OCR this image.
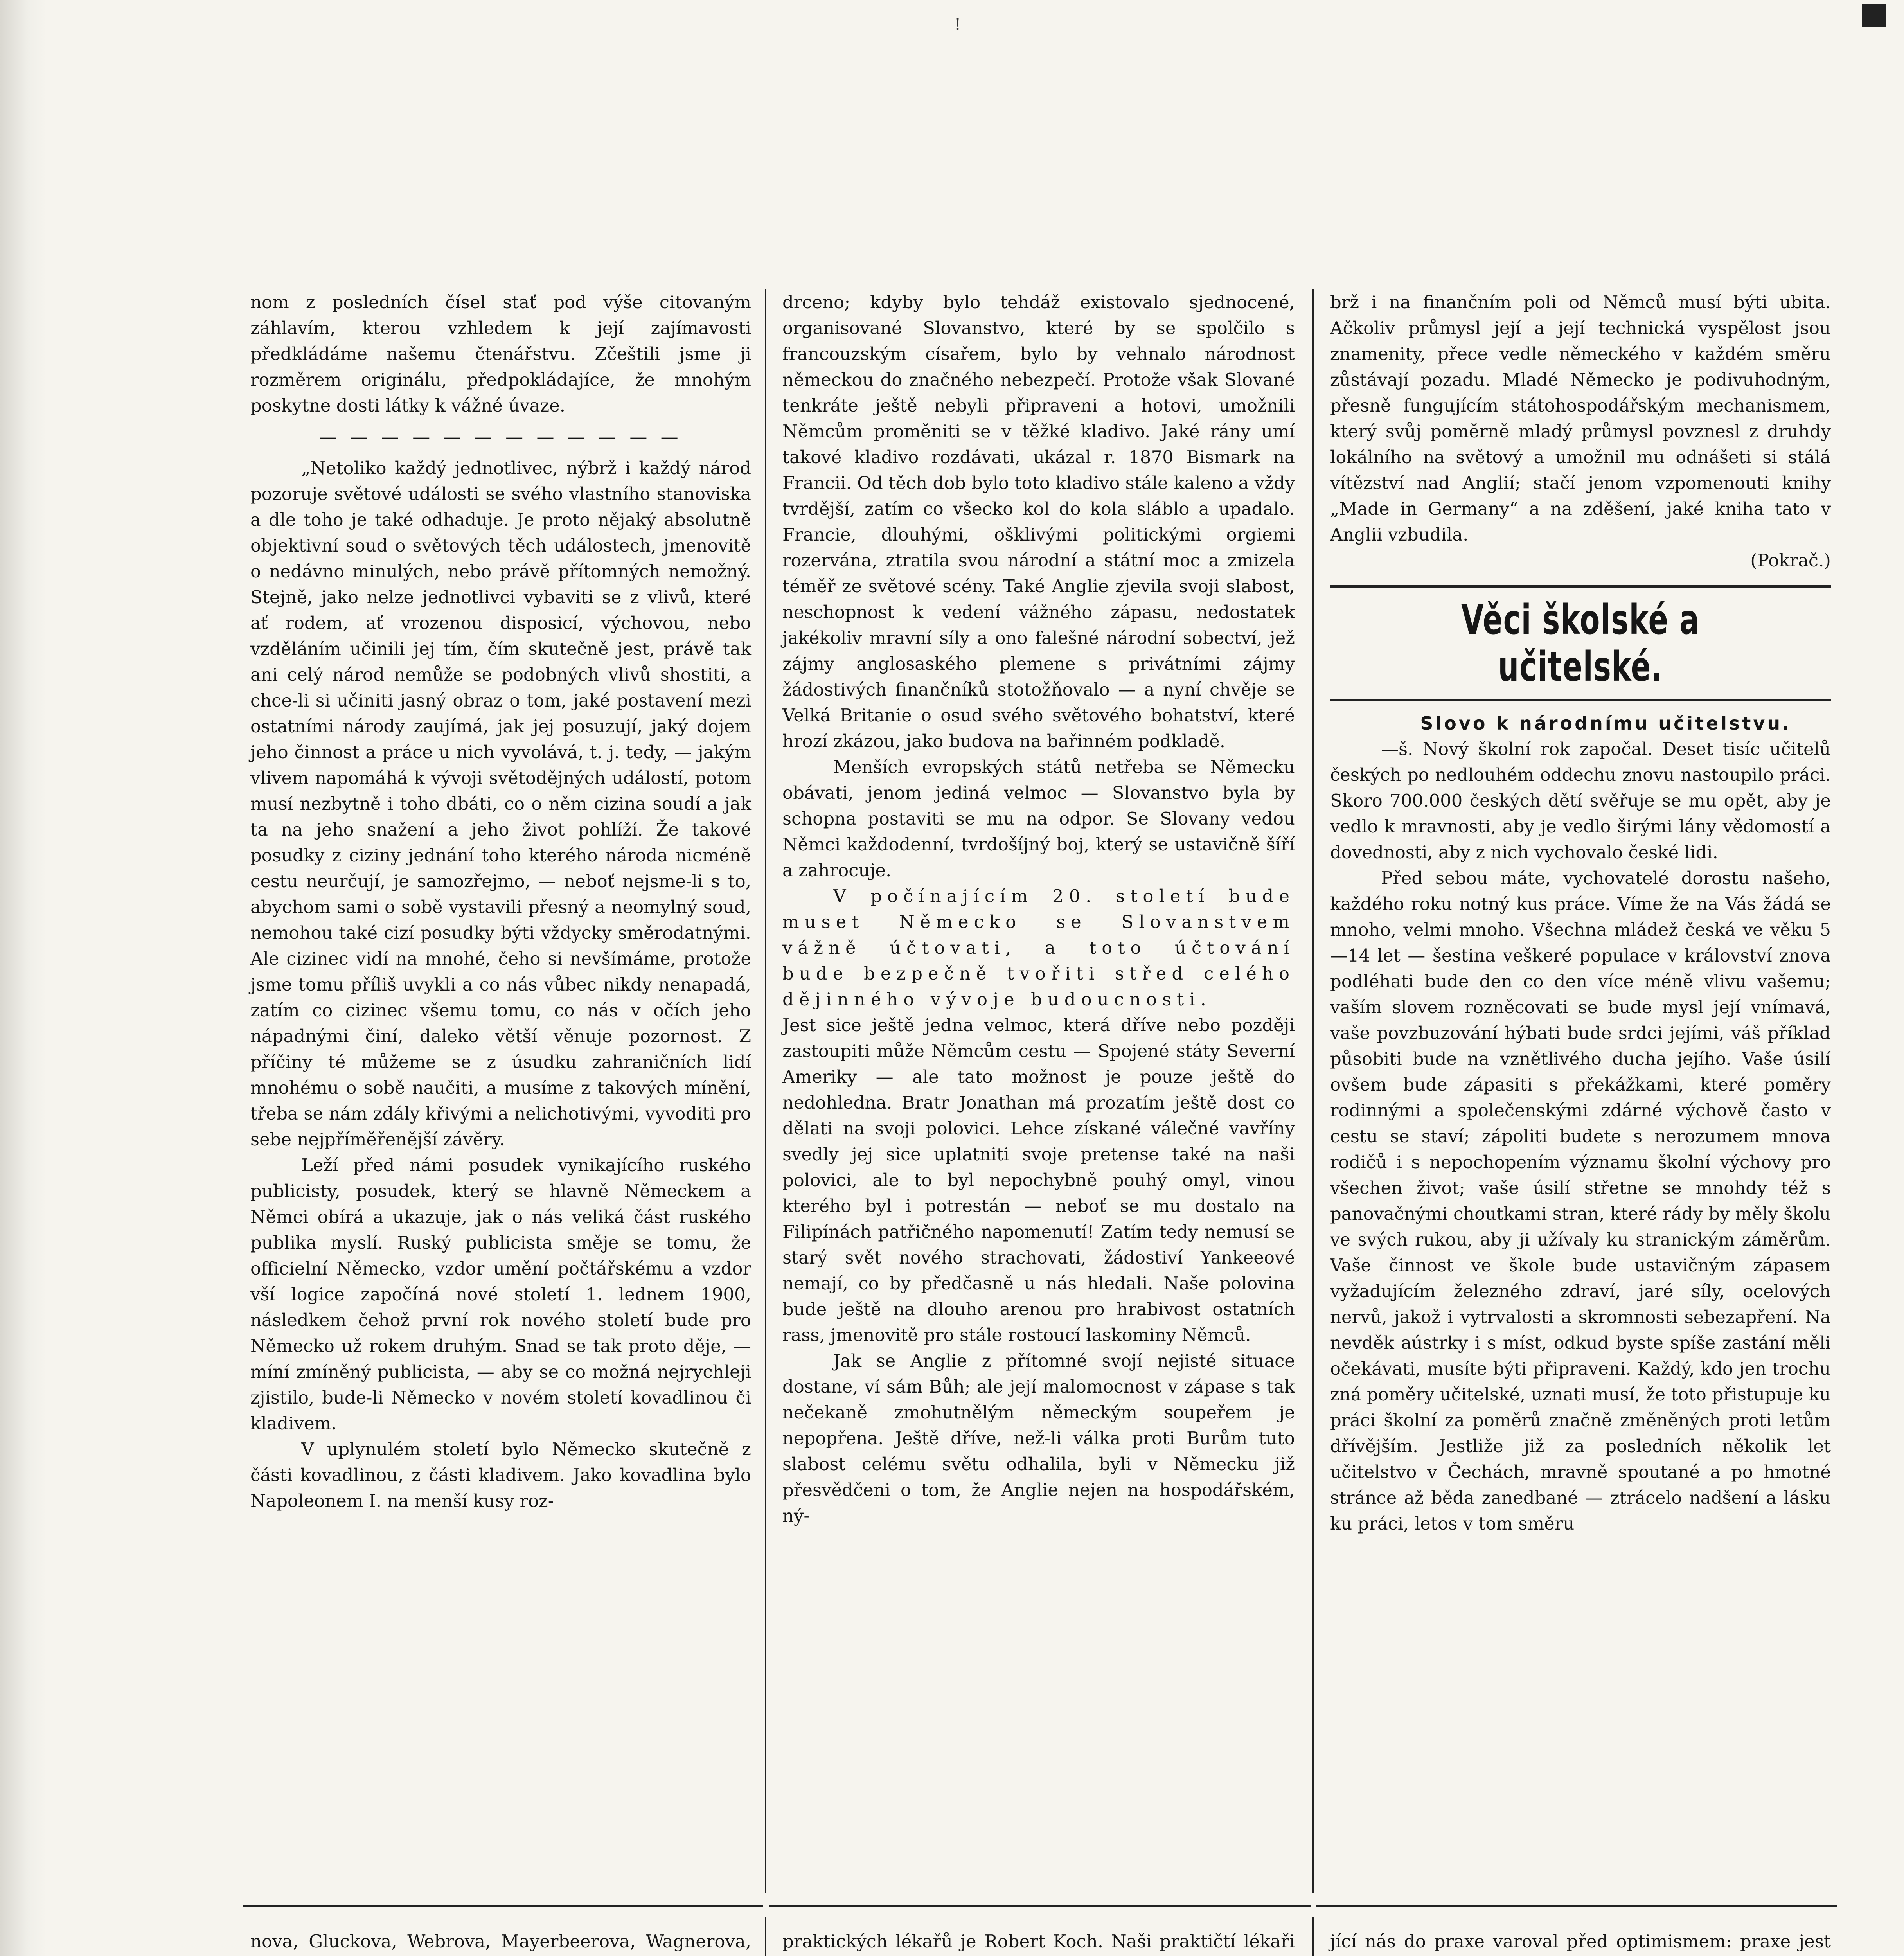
!

nom z posledních čísel stať pod výše citovaným záhlavím, kterou vzhledem k její zajímavosti předkládáme našemu čtenářstvu. Zčeštili jsme ji rozměrem originálu, předpokládajíce, že mnohým poskytne dosti látky k vážné úvaze.

— — — — — — — — — — — —

„Netoliko každý jednotlivec, nýbrž i každý národ pozoruje světové události se svého vlastního stanoviska a dle toho je také odhaduje. Je proto nějaký absolutně objektivní soud o světových těch událostech, jmenovitě o nedávno minulých, nebo právě přítomných nemožný. Stejně, jako nelze jednotlivci vybaviti se z vlivů, které ať rodem, ať vrozenou disposicí, výchovou, nebo vzděláním učinili jej tím, čím skutečně jest, právě tak ani celý národ nemůže se podobných vlivů shostiti, a chce-li si učiniti jasný obraz o tom, jaké postavení mezi ostatními národy zaujímá, jak jej posuzují, jaký dojem jeho činnost a práce u nich vyvolává, t. j. tedy, — jakým vlivem napomáhá k vývoji světodějných událostí, potom musí nezbytně i toho dbáti, co o něm cizina soudí a jak ta na jeho snažení a jeho život pohlíží. Že takové posudky z ciziny jednání toho kterého národa nicméně cestu neurčují, je samozřejmo, — neboť nejsme-li s to, abychom sami o sobě vystavili přesný a neomylný soud, nemohou také cizí posudky býti vždycky směrodatnými. Ale cizinec vidí na mnohé, čeho si nevšímáme, protože jsme tomu příliš uvykli a co nás vůbec nikdy nenapadá, zatím co cizinec všemu tomu, co nás v očích jeho nápadnými činí, daleko větší věnuje pozornost. Z příčiny té můžeme se z úsudku zahraničních lidí mnohému o sobě naučiti, a musíme z takových mínění, třeba se nám zdály křivými a nelichotivými, vyvoditi pro sebe nejpříměřenější závěry.

Leží před námi posudek vynikajícího ruského publicisty, posudek, který se hlavně Německem a Němci obírá a ukazuje, jak o nás veliká část ruského publika myslí. Ruský publicista směje se tomu, že officielní Německo, vzdor umění počtářskému a vzdor vší logice započíná nové století 1. lednem 1900, následkem čehož první rok nového století bude pro Německo už rokem druhým. Snad se tak proto děje, — míní zmíněný publicista, — aby se co možná nejrychleji zjistilo, bude-li Německo v novém století kovadlinou či kladivem.

V uplynulém století bylo Německo skutečně z části kovadlinou, z části kladivem. Jako kovadlina bylo Napoleonem I. na menší kusy roz-

drceno; kdyby bylo tehdáž existovalo sjednocené, organisované Slovanstvo, které by se spolčilo s francouzským císařem, bylo by vehnalo národnost německou do značného nebezpečí. Protože však Slované tenkráte ještě nebyli připraveni a hotovi, umožnili Němcům proměniti se v těžké kladivo. Jaké rány umí takové kladivo rozdávati, ukázal r. 1870 Bismark na Francii. Od těch dob bylo toto kladivo stále kaleno a vždy tvrdější, zatím co všecko kol do kola sláblo a upadalo. Francie, dlouhými, ošklivými politickými orgiemi rozervána, ztratila svou národní a státní moc a zmizela téměř ze světové scény. Také Anglie zjevila svoji slabost, neschopnost k vedení vážného zápasu, nedostatek jakékoliv mravní síly a ono falešné národní sobectví, jež zájmy anglosaského plemene s privátními zájmy žádostivých finančníků stotožňovalo — a nyní chvěje se Velká Britanie o osud svého světového bohatství, které hrozí zkázou, jako budova na bařinném podkladě.

Menších evropských států netřeba se Německu obávati, jenom jediná velmoc — Slovanstvo byla by schopna postaviti se mu na odpor. Se Slovany vedou Němci každodenní, tvrdošíjný boj, který se ustavičně šíří a zahrocuje.

V počínajícím 20. století bude muset Německo se Slovanstvem vážně účtovati, a toto účtování bude bezpečně tvořiti střed celého dějinného vývoje budoucnosti.

Jest sice ještě jedna velmoc, která dříve nebo později zastoupiti může Němcům cestu — Spojené státy Severní Ameriky — ale tato možnost je pouze ještě do nedohledna. Bratr Jonathan má prozatím ještě dost co dělati na svoji polovici. Lehce získané válečné vavříny svedly jej sice uplatniti svoje pretense také na naši polovici, ale to byl nepochybně pouhý omyl, vinou kterého byl i potrestán — neboť se mu dostalo na Filipínách patřičného napomenutí! Zatím tedy nemusí se starý svět nového strachovati, žádostiví Yankeeové nemají, co by předčasně u nás hledali. Naše polovina bude ještě na dlouho arenou pro hrabivost ostatních rass, jmenovitě pro stále rostoucí laskominy Němců.

Jak se Anglie z přítomné svojí nejisté situace dostane, ví sám Bůh; ale její malomocnost v zápase s tak nečekaně zmohutnělým německým soupeřem je nepopřena. Ještě dříve, než-li válka proti Burům tuto slabost celému světu odhalila, byli v Německu již přesvědčeni o tom, že Anglie nejen na hospodářském, ný-

brž i na finančním poli od Němců musí býti ubita. Ačkoliv průmysl její a její technická vyspělost jsou znamenity, přece vedle německého v každém směru zůstávají pozadu. Mladé Německo je podivuhodným, přesně fungujícím státohospodářským mechanismem, který svůj poměrně mladý průmysl povznesl z druhdy lokálního na světový a umožnil mu odnášeti si stálá vítězství nad Anglií; stačí jenom vzpomenouti knihy „Made in Germany“ a na zděšení, jaké kniha tato v Anglii vzbudila.

(Pokrač.)

Věci školské a učitelské.

Slovo k národnímu učitelstvu.

—š. Nový školní rok započal. Deset tisíc učitelů českých po nedlouhém oddechu znovu nastoupilo práci. Skoro 700.000 českých dětí svěřuje se mu opět, aby je vedlo k mravnosti, aby je vedlo širými lány vědomostí a dovednosti, aby z nich vychovalo české lidi.

Před sebou máte, vychovatelé dorostu našeho, každého roku notný kus práce. Víme že na Vás žádá se mnoho, velmi mnoho. Všechna mládež česká ve věku 5—14 let — šestina veškeré populace v království znova podléhati bude den co den více méně vlivu vašemu; vaším slovem rozněcovati se bude mysl její vnímavá, vaše povzbuzování hýbati bude srdci jejími, váš příklad působiti bude na vznětlivého ducha jejího. Vaše úsilí ovšem bude zápasiti s překážkami, které poměry rodinnými a společenskými zdárné výchově často v cestu se staví; zápoliti budete s nerozumem mnova rodičů i s nepochopením významu školní výchovy pro všechen život; vaše úsilí střetne se mnohdy též s panovačnými choutkami stran, které rády by měly školu ve svých rukou, aby ji užívaly ku stranickým záměrům. Vaše činnost ve škole bude ustavičným zápasem vyžadujícím železného zdraví, jaré síly, ocelových nervů, jakož i vytrvalosti a skromnosti sebezapření. Na nevděk aústrky i s míst, odkud byste spíše zastání měli očekávati, musíte býti připraveni. Každý, kdo jen trochu zná poměry učitelské, uznati musí, že toto přistupuje ku práci školní za poměrů značně změněných proti letům dřívějším. Jestliže již za posledních několik let učitelstvo v Čechách, mravně spoutané a po hmotné stránce až běda zanedbané — ztrácelo nadšení a lásku ku práci, letos v tom směru

nova, Gluckova, Webrova, Mayerbeerova, Wagnerova, praktických lékařů je Robert Koch. Naši praktičtí lékaři jící nás do praxe varoval před optimismem: praxe jest
